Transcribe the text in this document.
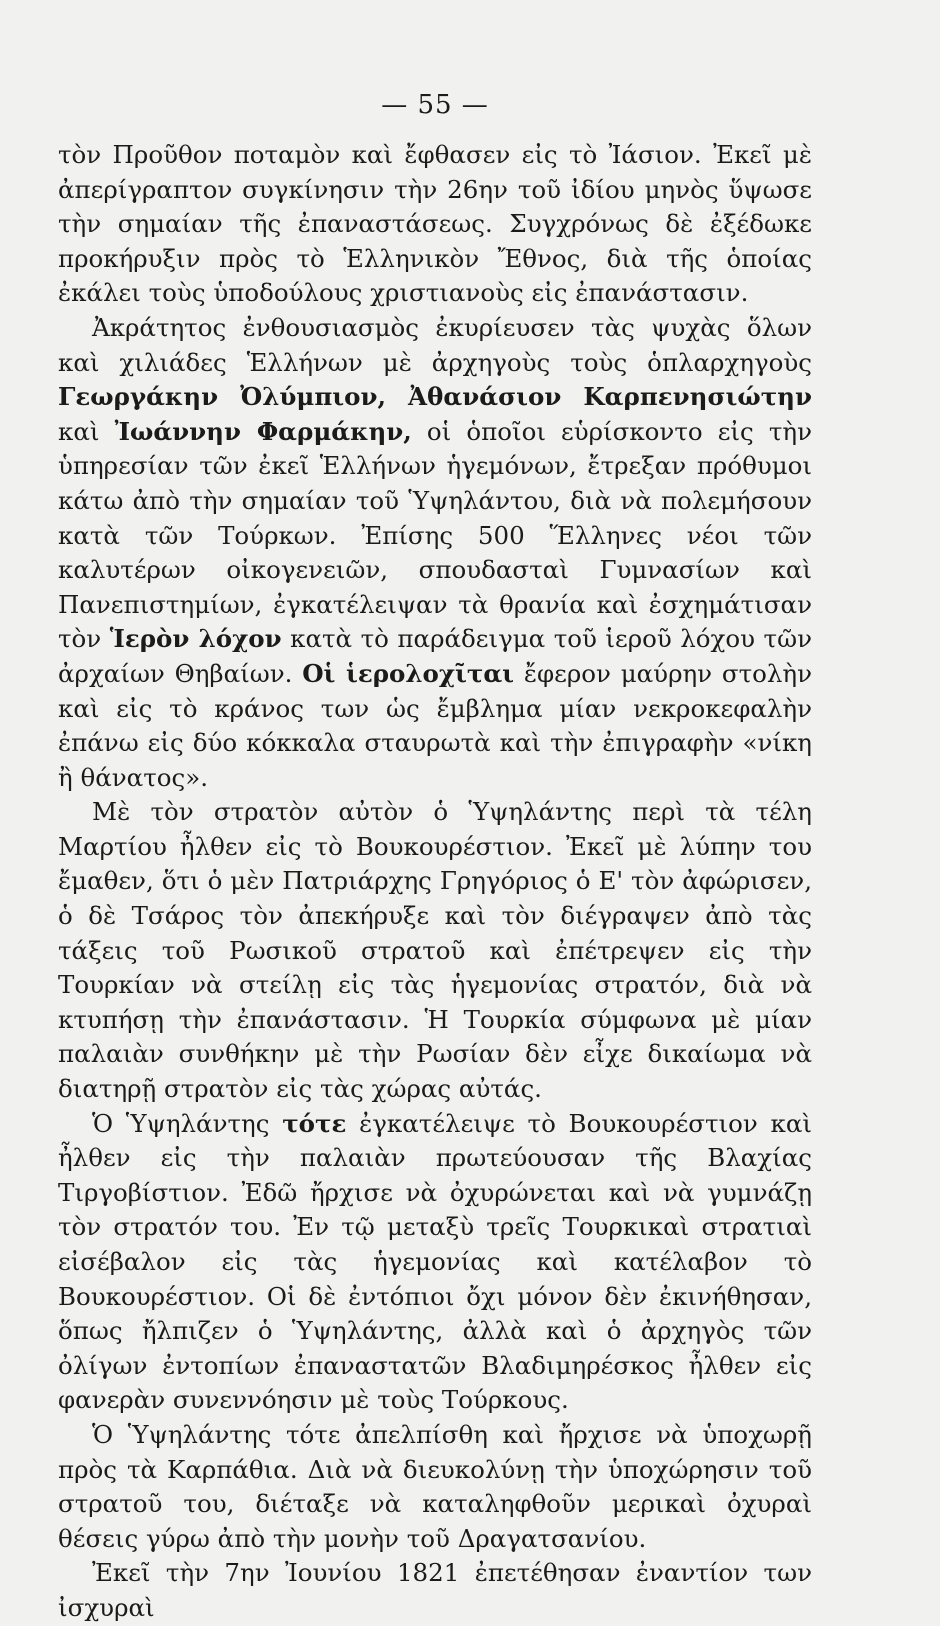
— 55 —

τὸν Προῦθον ποταμὸν καὶ ἔφθασεν εἰς τὸ Ἰάσιον. Ἐκεῖ μὲ ἀπερίγραπτον συγκίνησιν τὴν 26ην τοῦ ἰδίου μηνὸς ὕψωσε τὴν σημαίαν τῆς ἐπαναστάσεως. Συγχρόνως δὲ ἐξέδωκε προκήρυξιν πρὸς τὸ Ἑλληνικὸν Ἔθνος, διὰ τῆς ὁποίας ἐκάλει τοὺς ὑποδούλους χριστιανοὺς εἰς ἐπανάστασιν.

Ἀκράτητος ἐνθουσιασμὸς ἐκυρίευσεν τὰς ψυχὰς ὅλων καὶ χιλιάδες Ἑλλήνων μὲ ἀρχηγοὺς τοὺς ὁπλαρχηγοὺς Γεωργάκην Ὀλύμπιον, Ἀθανάσιον Καρπενησιώτην καὶ Ἰωάννην Φαρμάκην, οἱ ὁποῖοι εὑρίσκοντο εἰς τὴν ὑπηρεσίαν τῶν ἐκεῖ Ἑλλήνων ἡγεμόνων, ἔτρεξαν πρόθυμοι κάτω ἀπὸ τὴν σημαίαν τοῦ Ὑψηλάντου, διὰ νὰ πολεμήσουν κατὰ τῶν Τούρκων. Ἐπίσης 500 Ἕλληνες νέοι τῶν καλυτέρων οἰκογενειῶν, σπουδασταὶ Γυμνασίων καὶ Πανεπιστημίων, ἐγκατέλειψαν τὰ θρανία καὶ ἐσχημάτισαν τὸν Ἱερὸν λόχον κατὰ τὸ παράδειγμα τοῦ ἱεροῦ λόχου τῶν ἀρχαίων Θηβαίων. Οἱ ἱερολοχῖται ἔφερον μαύρην στολὴν καὶ εἰς τὸ κράνος των ὡς ἔμβλημα μίαν νεκροκεφαλὴν ἐπάνω εἰς δύο κόκκαλα σταυρωτὰ καὶ τὴν ἐπιγραφὴν «νίκη ἢ θάνατος».

Μὲ τὸν στρατὸν αὐτὸν ὁ Ὑψηλάντης περὶ τὰ τέλη Μαρτίου ἦλθεν εἰς τὸ Βουκουρέστιον. Ἐκεῖ μὲ λύπην του ἔμαθεν, ὅτι ὁ μὲν Πατριάρχης Γρηγόριος ὁ Ε' τὸν ἀφώρισεν, ὁ δὲ Τσάρος τὸν ἀπεκήρυξε καὶ τὸν διέγραψεν ἀπὸ τὰς τάξεις τοῦ Ρωσικοῦ στρατοῦ καὶ ἐπέτρεψεν εἰς τὴν Τουρκίαν νὰ στείλῃ εἰς τὰς ἡγεμονίας στρατόν, διὰ νὰ κτυπήσῃ τὴν ἐπανάστασιν. Ἡ Τουρκία σύμφωνα μὲ μίαν παλαιὰν συνθήκην μὲ τὴν Ρωσίαν δὲν εἶχε δικαίωμα νὰ διατηρῇ στρατὸν εἰς τὰς χώρας αὐτάς.

Ὁ Ὑψηλάντης τότε ἐγκατέλειψε τὸ Βουκουρέστιον καὶ ἦλθεν εἰς τὴν παλαιὰν πρωτεύουσαν τῆς Βλαχίας Τιργοβίστιον. Ἐδῶ ἤρχισε νὰ ὀχυρώνεται καὶ νὰ γυμνάζῃ τὸν στρατόν του. Ἐν τῷ μεταξὺ τρεῖς Τουρκικαὶ στρατιαὶ εἰσέβαλον εἰς τὰς ἡγεμονίας καὶ κατέλαβον τὸ Βουκουρέστιον. Οἱ δὲ ἐντόπιοι ὄχι μόνον δὲν ἐκινήθησαν, ὅπως ἤλπιζεν ὁ Ὑψηλάντης, ἀλλὰ καὶ ὁ ἀρχηγὸς τῶν ὀλίγων ἐντοπίων ἐπαναστατῶν Βλαδιμηρέσκος ἦλθεν εἰς φανερὰν συνεννόησιν μὲ τοὺς Τούρκους.

Ὁ Ὑψηλάντης τότε ἀπελπίσθη καὶ ἤρχισε νὰ ὑποχωρῇ πρὸς τὰ Καρπάθια. Διὰ νὰ διευκολύνῃ τὴν ὑποχώρησιν τοῦ στρατοῦ του, διέταξε νὰ καταληφθοῦν μερικαὶ ὀχυραὶ θέσεις γύρω ἀπὸ τὴν μονὴν τοῦ Δραγατσανίου.

Ἐκεῖ τὴν 7ην Ἰουνίου 1821 ἐπετέθησαν ἐναντίον των ἰσχυραὶ
